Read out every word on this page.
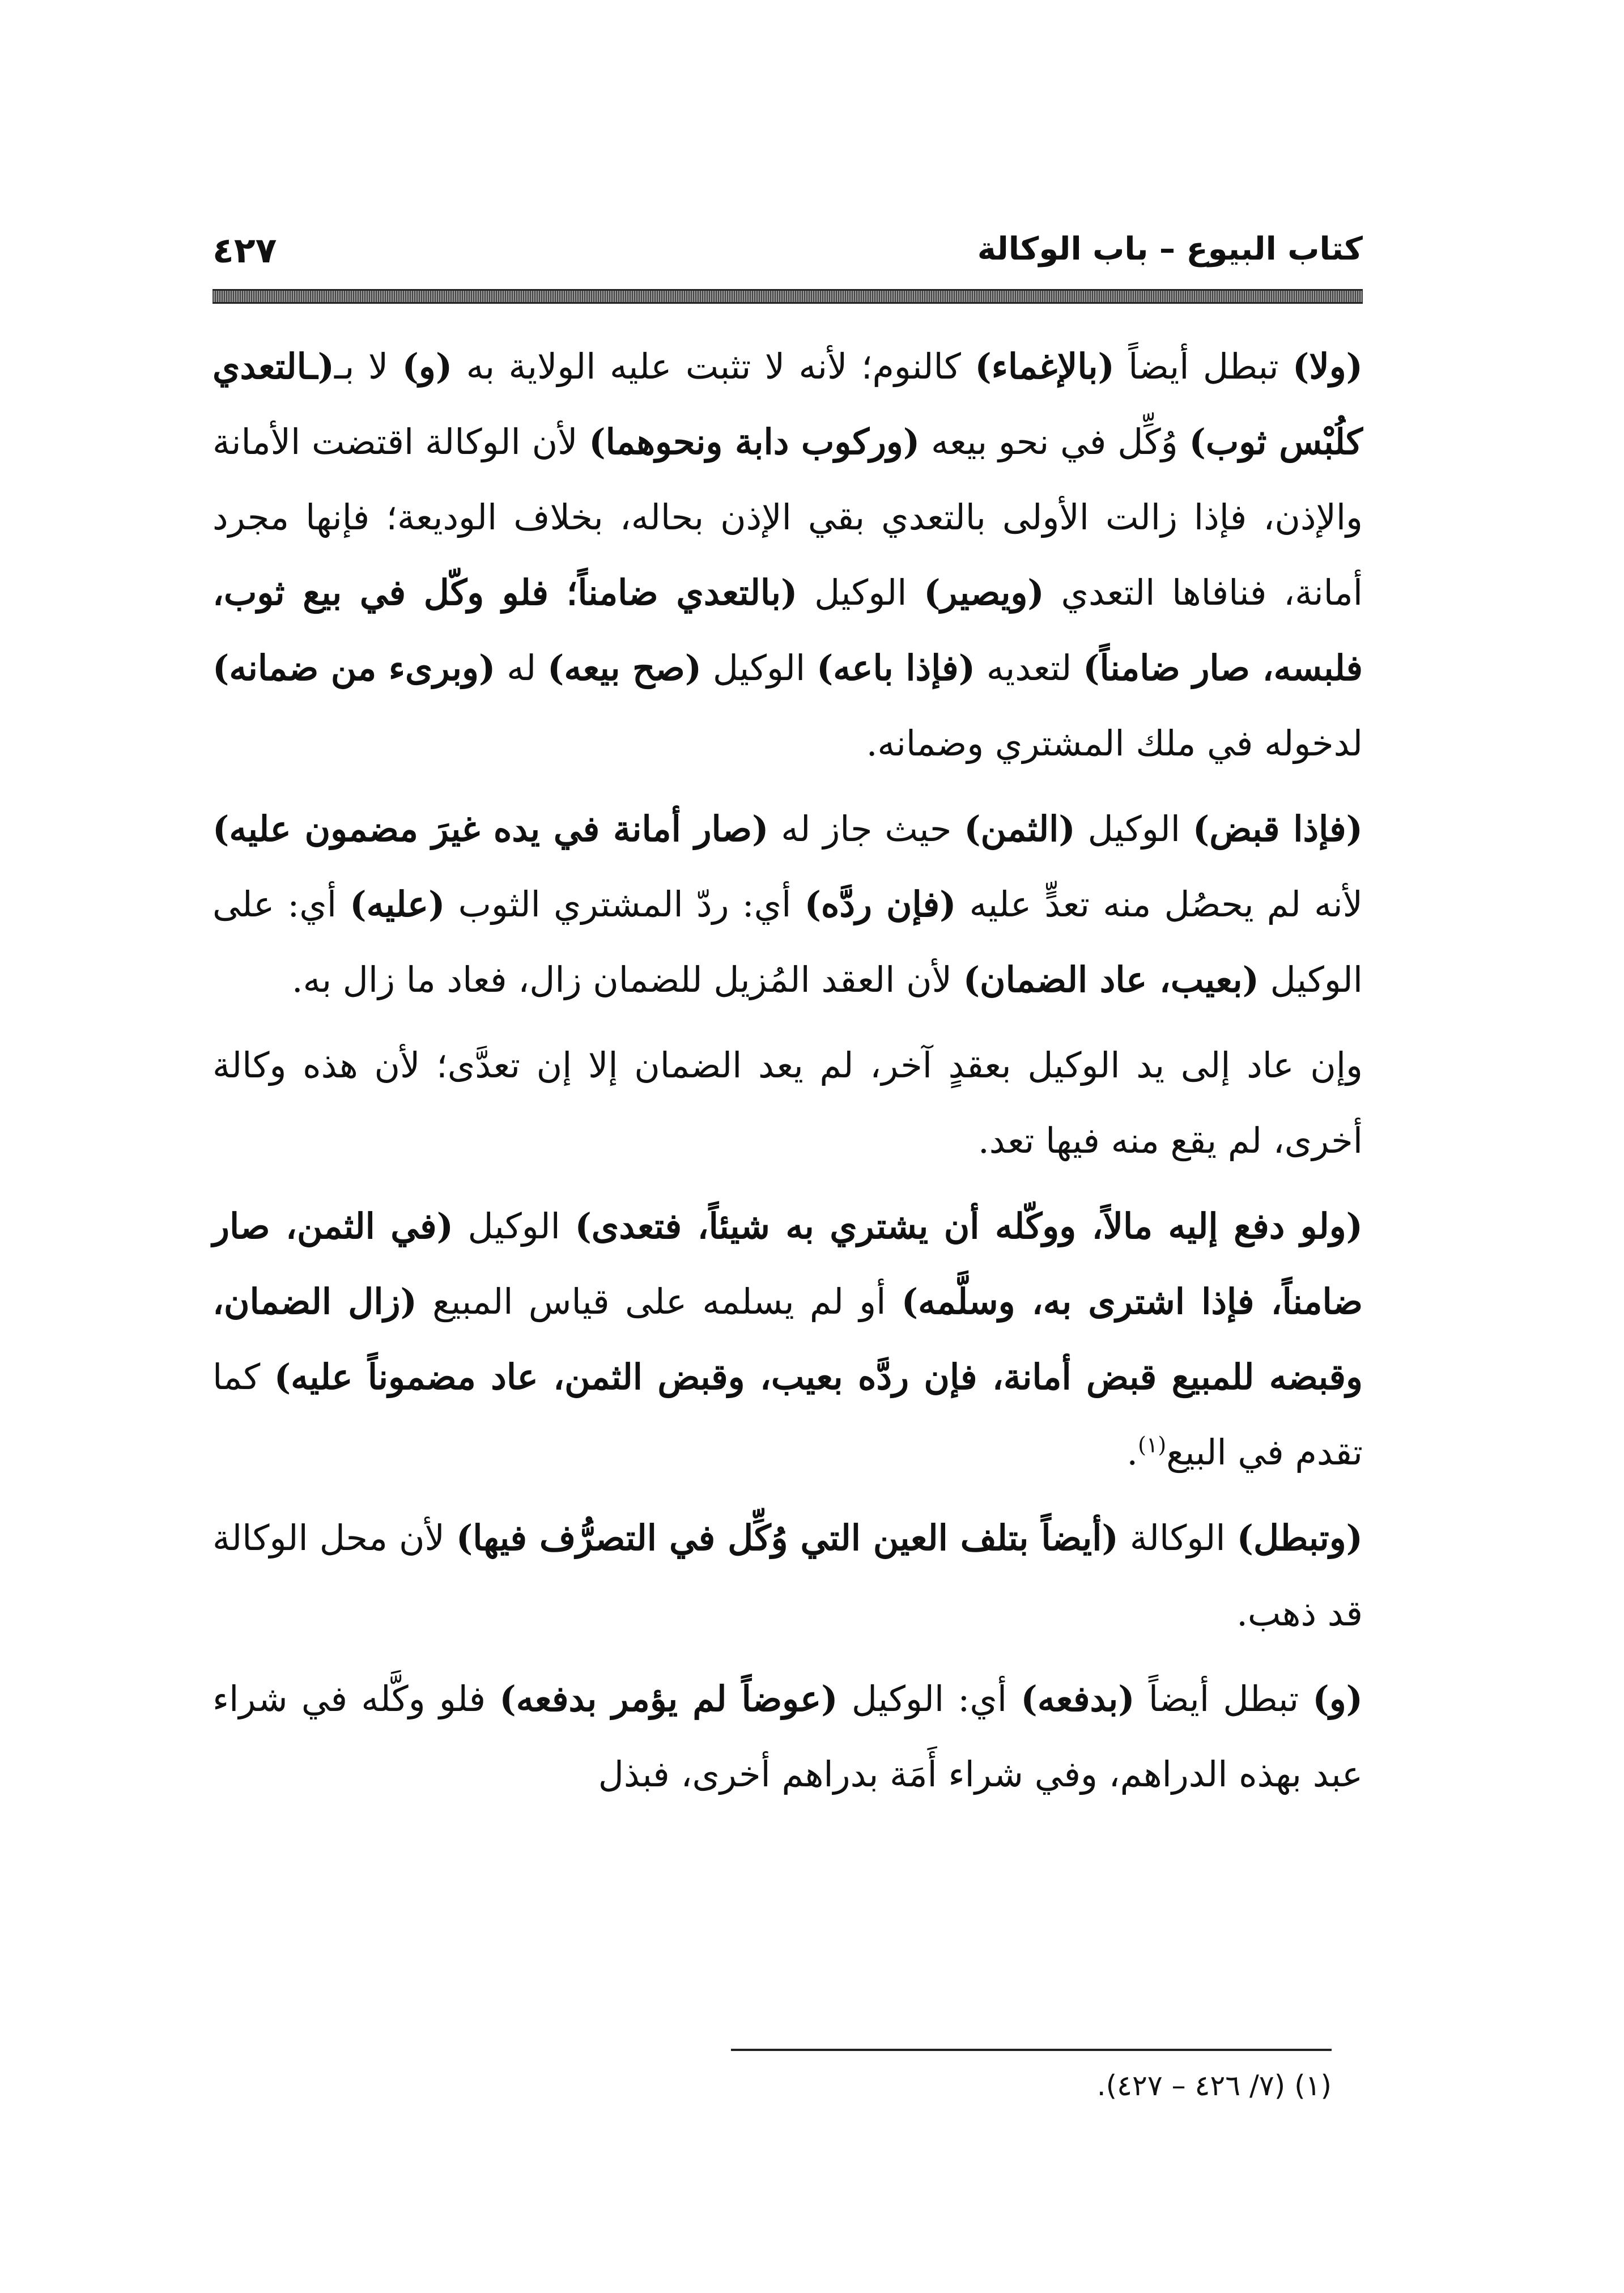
كتاب البيوع – باب الوكالة
٤٢٧

(ولا) تبطل أيضاً (بالإغماء) كالنوم؛ لأنه لا تثبت عليه الولاية به (و) لا بـ(ـالتعدي كلُبْس ثوب) وُكِّل في نحو بيعه (وركوب دابة ونحوهما) لأن الوكالة اقتضت الأمانة والإذن، فإذا زالت الأولى بالتعدي بقي الإذن بحاله، بخلاف الوديعة؛ فإنها مجرد أمانة، فنافاها التعدي (ويصير) الوكيل (بالتعدي ضامناً؛ فلو وكّل في بيع ثوب، فلبسه، صار ضامناً) لتعديه (فإذا باعه) الوكيل (صح بيعه) له (وبرىء من ضمانه) لدخوله في ملك المشتري وضمانه.

(فإذا قبض) الوكيل (الثمن) حيث جاز له (صار أمانة في يده غيرَ مضمون عليه) لأنه لم يحصُل منه تعدٍّ عليه (فإن ردَّه) أي: ردّ المشتري الثوب (عليه) أي: على الوكيل (بعيب، عاد الضمان) لأن العقد المُزيل للضمان زال، فعاد ما زال به.

وإن عاد إلى يد الوكيل بعقدٍ آخر، لم يعد الضمان إلا إن تعدَّى؛ لأن هذه وكالة أخرى، لم يقع منه فيها تعد.

(ولو دفع إليه مالاً، ووكّله أن يشتري به شيئاً، فتعدى) الوكيل (في الثمن، صار ضامناً، فإذا اشترى به، وسلَّمه) أو لم يسلمه على قياس المبيع (زال الضمان، وقبضه للمبيع قبض أمانة، فإن ردَّه بعيب، وقبض الثمن، عاد مضموناً عليه) كما تقدم في البيع$^{(١)}$.

(وتبطل) الوكالة (أيضاً بتلف العين التي وُكِّل في التصرُّف فيها) لأن محل الوكالة قد ذهب.

(و) تبطل أيضاً (بدفعه) أي: الوكيل (عوضاً لم يؤمر بدفعه) فلو وكَّله في شراء عبد بهذه الدراهم، وفي شراء أَمَة بدراهم أخرى، فبذل

(١) (٧/ ٤٢٦ – ٤٢٧).
